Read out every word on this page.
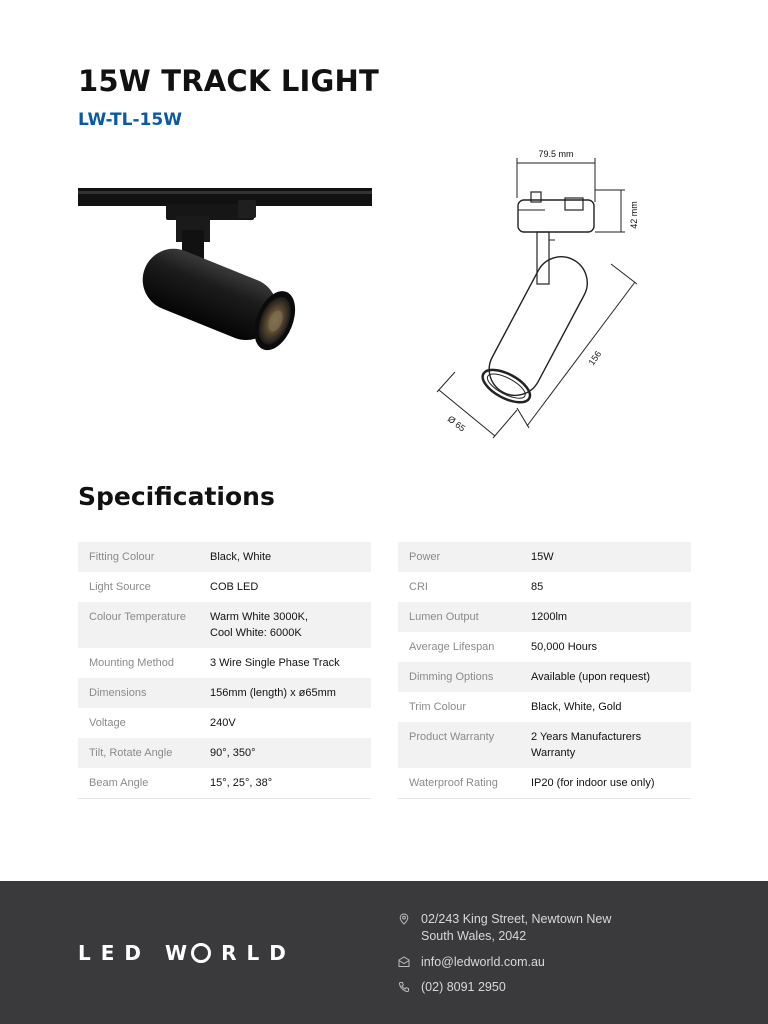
15W TRACK LIGHT
LW-TL-15W
79.5 mm
42 mm
156
Ø 65
Specifications
Fitting Colour	Black, White
Light Source	COB LED
Colour Temperature	Warm White 3000K,
Cool White: 6000K
Mounting Method	3 Wire Single Phase Track
Dimensions	156mm (length) x ø65mm
Voltage	240V
Tilt, Rotate Angle	90°, 350°
Beam Angle	15°, 25°, 38°
Power	15W
CRI	85
Lumen Output	1200lm
Average Lifespan	50,000 Hours
Dimming Options	Available (upon request)
Trim Colour	Black, White, Gold
Product Warranty	2 Years Manufacturers
Warranty
Waterproof Rating	IP20 (for indoor use only)
LED W RLD
02/243 King Street, Newtown New South Wales, 2042
info@ledworld.com.au
(02) 8091 2950
